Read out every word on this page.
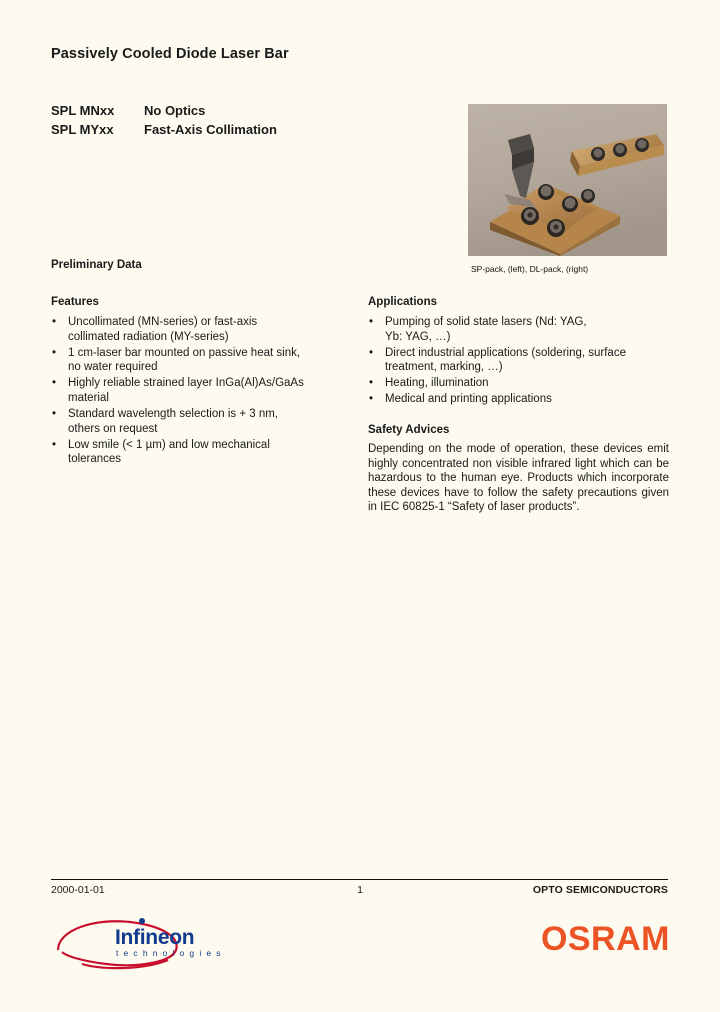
Passively Cooled Diode Laser Bar
SPL MNxx	No Optics
SPL MYxx	Fast-Axis Collimation
Preliminary Data	SP-pack, (left), DL-pack, (right)
Features
• Uncollimated (MN-series) or fast-axis
collimated radiation (MY-series)
• 1 cm-laser bar mounted on passive heat sink,
no water required
• Highly reliable strained layer InGa(Al)As/GaAs
material
• Standard wavelength selection is + 3 nm,
others on request
• Low smile (< 1 µm) and low mechanical
tolerances
Applications
• Pumping of solid state lasers (Nd: YAG,
Yb: YAG, …)
• Direct industrial applications (soldering, surface
treatment, marking, …)
• Heating, illumination
• Medical and printing applications
Safety Advices
Depending on the mode of operation, these devices emit highly concentrated non visible infrared light which can be hazardous to the human eye. Products which incorporate these devices have to follow the safety precautions given in IEC 60825-1 “Safety of laser products”.
2000-01-01	1	OPTO SEMICONDUCTORS
Infineon
t e c h n o l o g i e s	OSRAM
